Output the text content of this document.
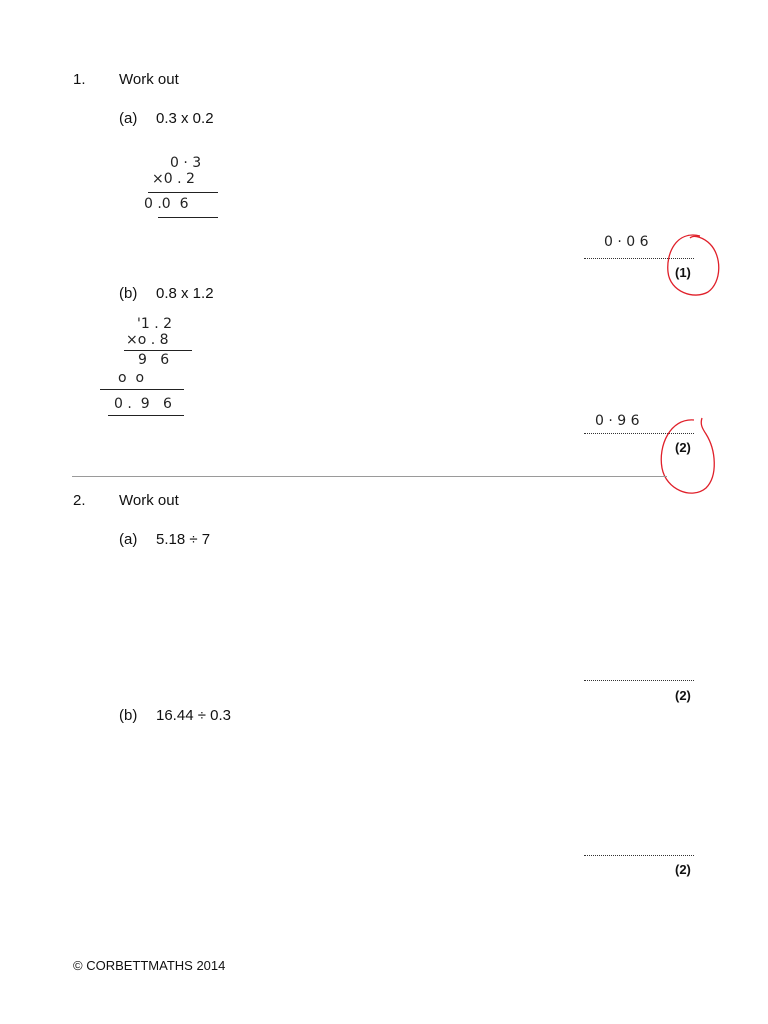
1. Work out
(a) 0.3 x 0.2
0 · 3
×0 . 2
0 .0  6
0 · 0 6
(1)
(b) 0.8 x 1.2
'1 . 2
×o . 8
9   6
o  o
0 .  9   6
0 · 9 6
(2)
2. Work out
(a) 5.18 ÷ 7
(2)
(b) 16.44 ÷ 0.3
(2)
© CORBETTMATHS 2014
